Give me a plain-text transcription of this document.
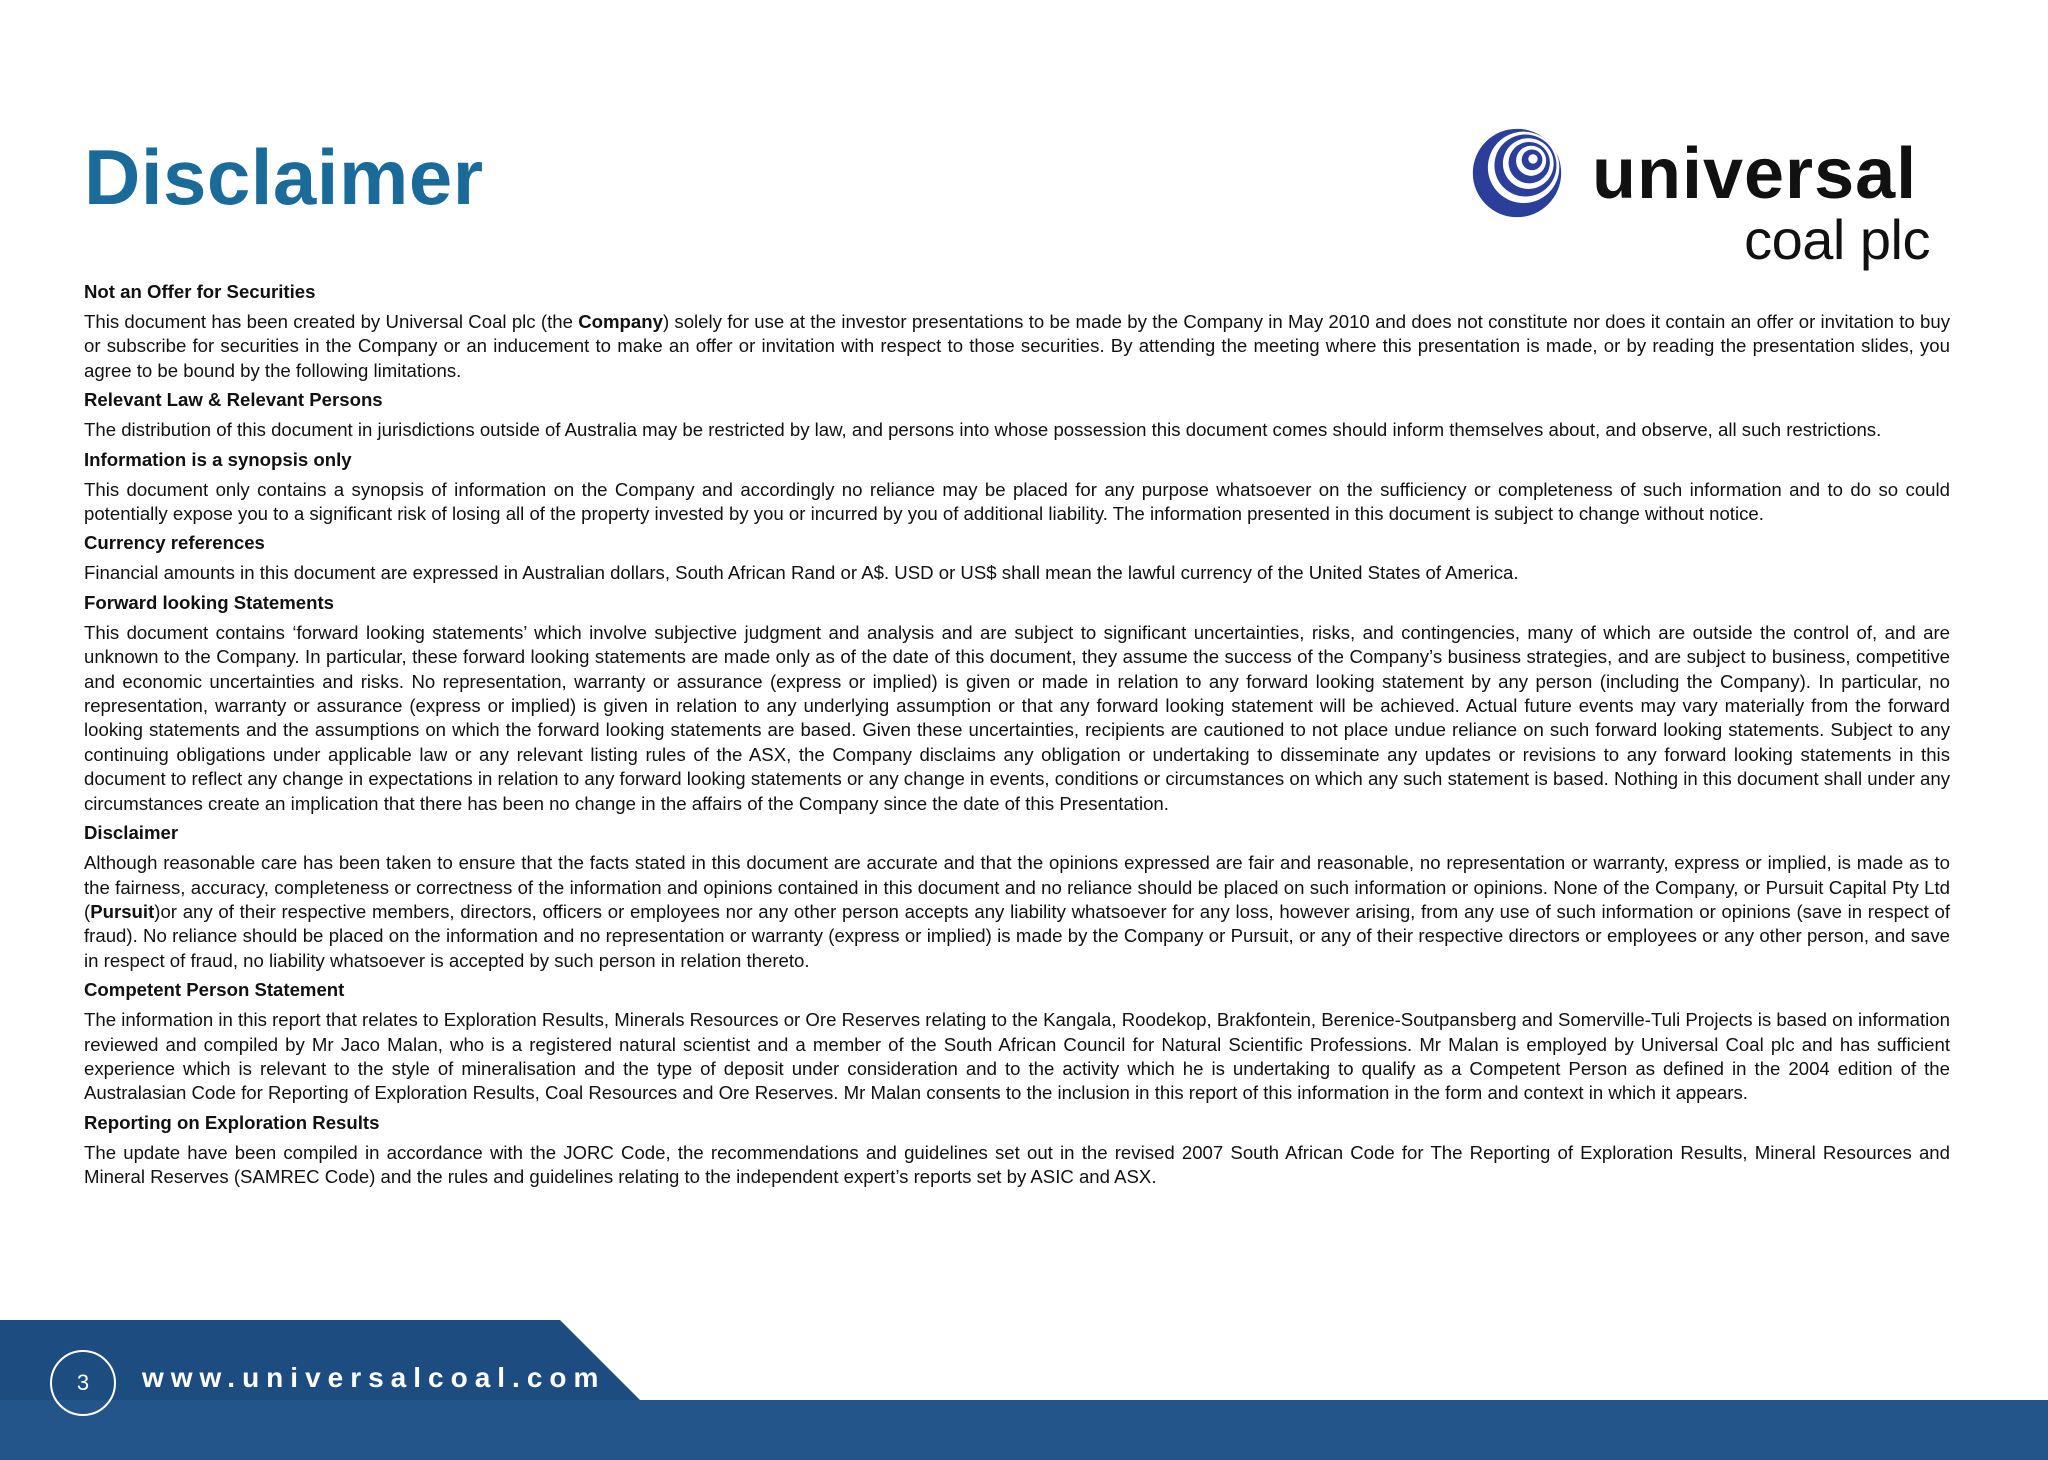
Disclaimer	universal
coal plc
Not an Offer for Securities

This document has been created by Universal Coal plc (the Company) solely for use at the investor presentations to be made by the Company in May 2010 and does not constitute nor does it contain an offer or invitation to buy or subscribe for securities in the Company or an inducement to make an offer or invitation with respect to those securities. By attending the meeting where this presentation is made, or by reading the presentation slides, you agree to be bound by the following limitations.

Relevant Law & Relevant Persons

The distribution of this document in jurisdictions outside of Australia may be restricted by law, and persons into whose possession this document comes should inform themselves about, and observe, all such restrictions.

Information is a synopsis only

This document only contains a synopsis of information on the Company and accordingly no reliance may be placed for any purpose whatsoever on the sufficiency or completeness of such information and to do so could potentially expose you to a significant risk of losing all of the property invested by you or incurred by you of additional liability. The information presented in this document is subject to change without notice.

Currency references

Financial amounts in this document are expressed in Australian dollars, South African Rand or A$. USD or US$ shall mean the lawful currency of the United States of America.

Forward looking Statements

This document contains ‘forward looking statements’ which involve subjective judgment and analysis and are subject to significant uncertainties, risks, and contingencies, many of which are outside the control of, and are unknown to the Company. In particular, these forward looking statements are made only as of the date of this document, they assume the success of the Company’s business strategies, and are subject to business, competitive and economic uncertainties and risks. No representation, warranty or assurance (express or implied) is given or made in relation to any forward looking statement by any person (including the Company). In particular, no representation, warranty or assurance (express or implied) is given in relation to any underlying assumption or that any forward looking statement will be achieved. Actual future events may vary materially from the forward looking statements and the assumptions on which the forward looking statements are based. Given these uncertainties, recipients are cautioned to not place undue reliance on such forward looking statements. Subject to any continuing obligations under applicable law or any relevant listing rules of the ASX, the Company disclaims any obligation or undertaking to disseminate any updates or revisions to any forward looking statements in this document to reflect any change in expectations in relation to any forward looking statements or any change in events, conditions or circumstances on which any such statement is based. Nothing in this document shall under any circumstances create an implication that there has been no change in the affairs of the Company since the date of this Presentation.

Disclaimer

Although reasonable care has been taken to ensure that the facts stated in this document are accurate and that the opinions expressed are fair and reasonable, no representation or warranty, express or implied, is made as to the fairness, accuracy, completeness or correctness of the information and opinions contained in this document and no reliance should be placed on such information or opinions. None of the Company, or Pursuit Capital Pty Ltd (Pursuit)or any of their respective members, directors, officers or employees nor any other person accepts any liability whatsoever for any loss, however arising, from any use of such information or opinions (save in respect of fraud). No reliance should be placed on the information and no representation or warranty (express or implied) is made by the Company or Pursuit, or any of their respective directors or employees or any other person, and save in respect of fraud, no liability whatsoever is accepted by such person in relation thereto.

Competent Person Statement

The information in this report that relates to Exploration Results, Minerals Resources or Ore Reserves relating to the Kangala, Roodekop, Brakfontein, Berenice-Soutpansberg and Somerville-Tuli Projects is based on information reviewed and compiled by Mr Jaco Malan, who is a registered natural scientist and a member of the South African Council for Natural Scientific Professions. Mr Malan is employed by Universal Coal plc and has sufficient experience which is relevant to the style of mineralisation and the type of deposit under consideration and to the activity which he is undertaking to qualify as a Competent Person as defined in the 2004 edition of the Australasian Code for Reporting of Exploration Results, Coal Resources and Ore Reserves. Mr Malan consents to the inclusion in this report of this information in the form and context in which it appears.

Reporting on Exploration Results

The update have been compiled in accordance with the JORC Code, the recommendations and guidelines set out in the revised 2007 South African Code for The Reporting of Exploration Results, Mineral Resources and Mineral Reserves (SAMREC Code) and the rules and guidelines relating to the independent expert’s reports set by ASIC and ASX.

3	www.universalcoal.com
